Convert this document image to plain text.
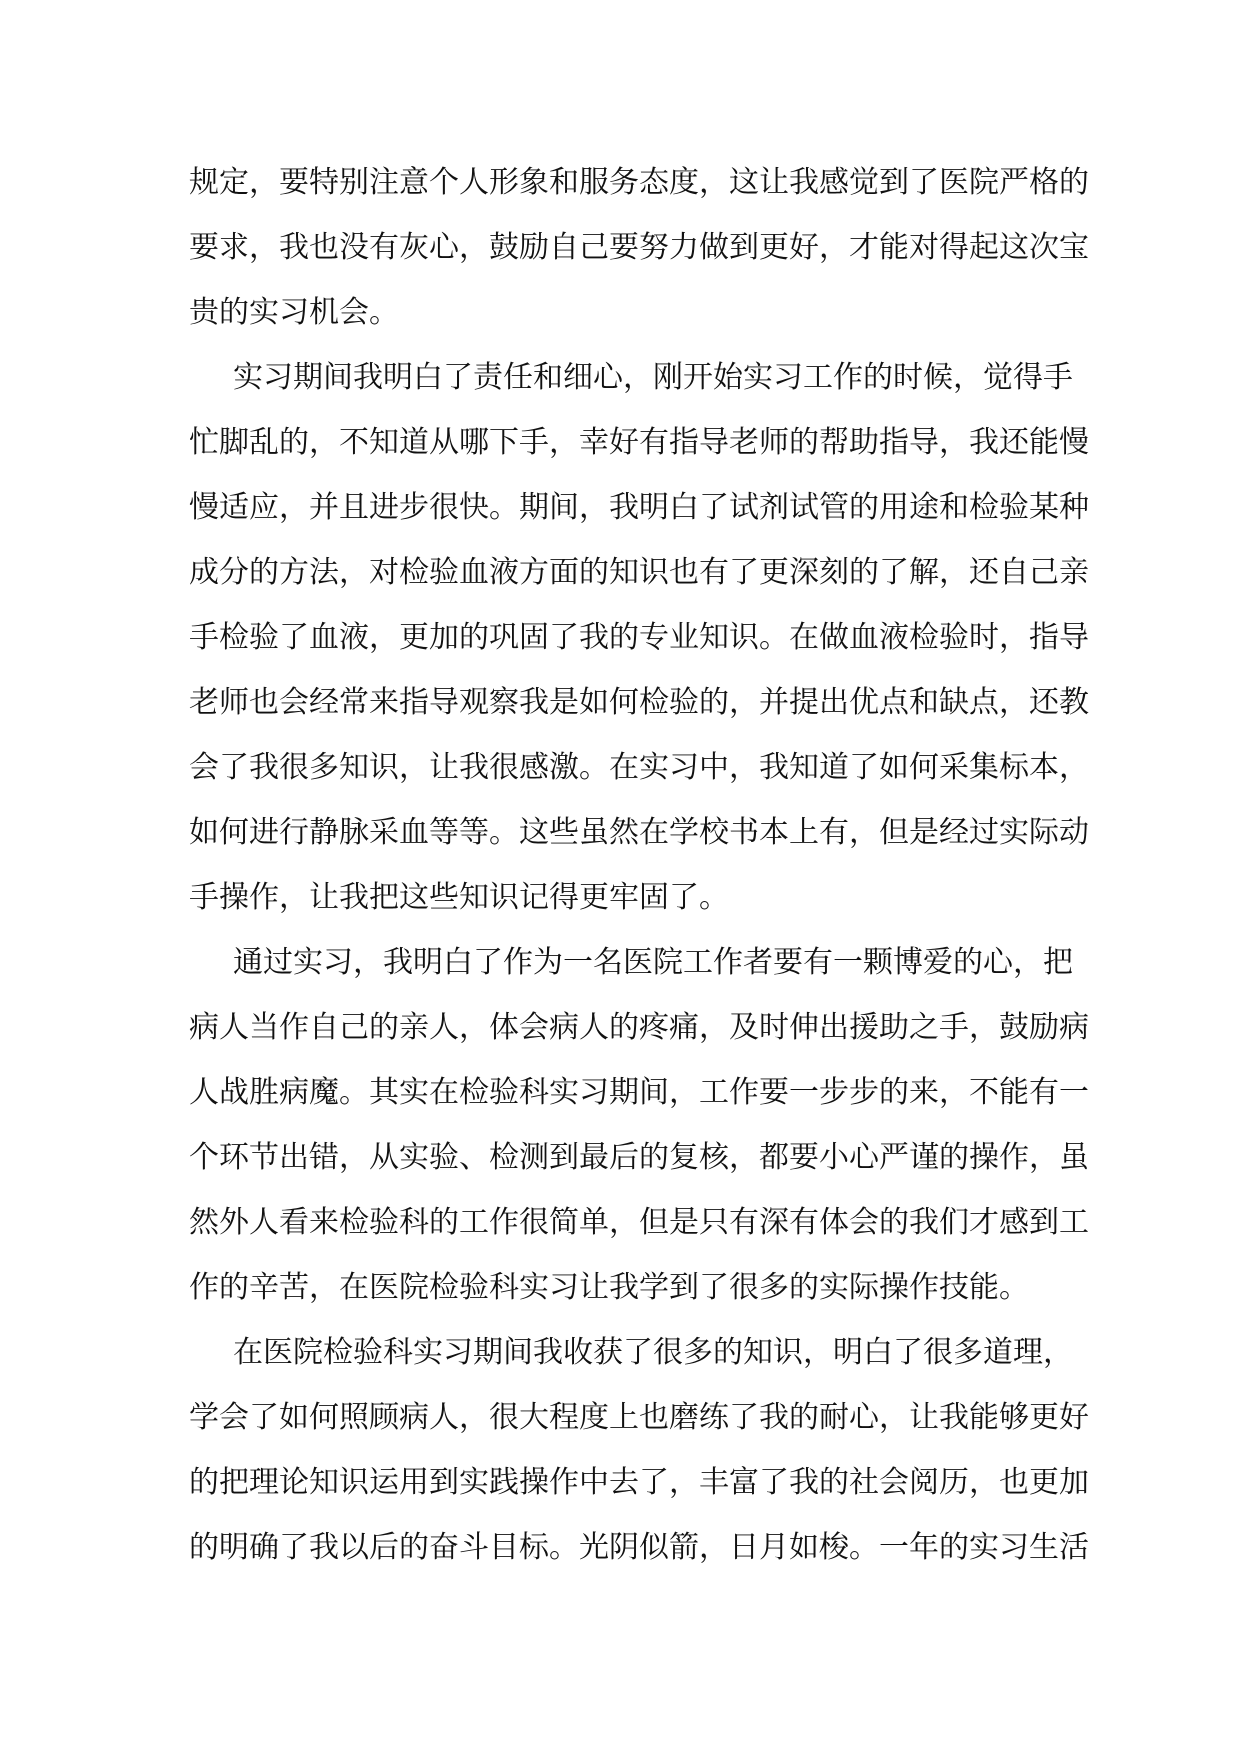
规定，要特别注意个人形象和服务态度，这让我感觉到了医院严格的
要求，我也没有灰心，鼓励自己要努力做到更好，才能对得起这次宝
贵的实习机会。
实习期间我明白了责任和细心，刚开始实习工作的时候，觉得手
忙脚乱的，不知道从哪下手，幸好有指导老师的帮助指导，我还能慢
慢适应，并且进步很快。期间，我明白了试剂试管的用途和检验某种
成分的方法，对检验血液方面的知识也有了更深刻的了解，还自己亲
手检验了血液，更加的巩固了我的专业知识。在做血液检验时，指导
老师也会经常来指导观察我是如何检验的，并提出优点和缺点，还教
会了我很多知识，让我很感激。在实习中，我知道了如何采集标本，
如何进行静脉采血等等。这些虽然在学校书本上有，但是经过实际动
手操作，让我把这些知识记得更牢固了。
通过实习，我明白了作为一名医院工作者要有一颗博爱的心，把
病人当作自己的亲人，体会病人的疼痛，及时伸出援助之手，鼓励病
人战胜病魔。其实在检验科实习期间，工作要一步步的来，不能有一
个环节出错，从实验、检测到最后的复核，都要小心严谨的操作，虽
然外人看来检验科的工作很简单，但是只有深有体会的我们才感到工
作的辛苦，在医院检验科实习让我学到了很多的实际操作技能。
在医院检验科实习期间我收获了很多的知识，明白了很多道理，
学会了如何照顾病人，很大程度上也磨练了我的耐心，让我能够更好
的把理论知识运用到实践操作中去了，丰富了我的社会阅历，也更加
的明确了我以后的奋斗目标。光阴似箭，日月如梭。一年的实习生活
